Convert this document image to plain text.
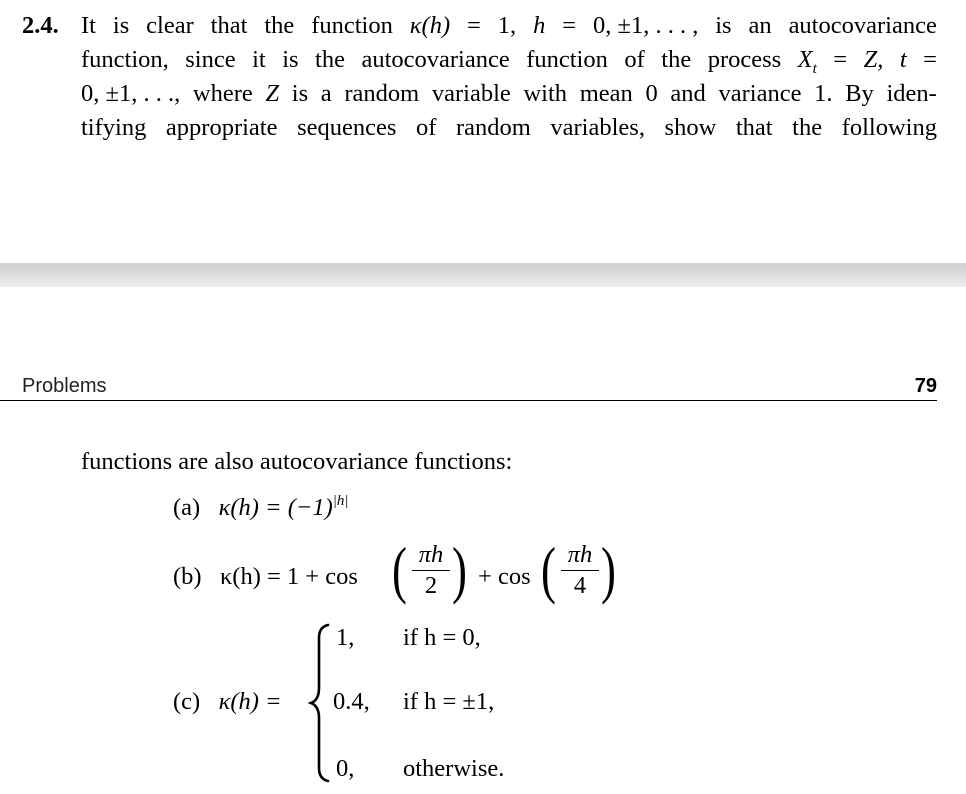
2.4. It is clear that the function κ(h) = 1, h = 0, ±1, . . . , is an autocovariance
function, since it is the autocovariance function of the process $X_t = Z$, t =
0, ±1, . . ., where Z is a random variable with mean 0 and variance 1. By iden-
tifying appropriate sequences of random variables, show that the following
Problems	79
functions are also autocovariance functions:
(a) $\kappa(h) = (-1)^{|h|}$
(b) κ(h) = 1 + cos ( πh
2 ) + cos ( πh
4 )
(c) κ(h) =
1, if h = 0,
0.4, if h = ±1,
0, otherwise.
